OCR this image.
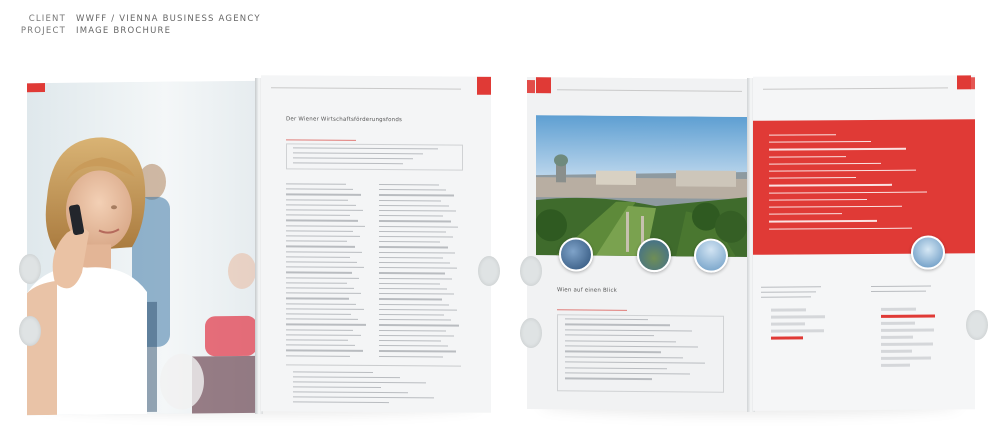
CLIENT WWFF / VIENNA BUSINESS AGENCY
PROJECT IMAGE BROCHURE
Der Wiener Wirtschaftsförderungsfonds
Wien auf einen Blick
